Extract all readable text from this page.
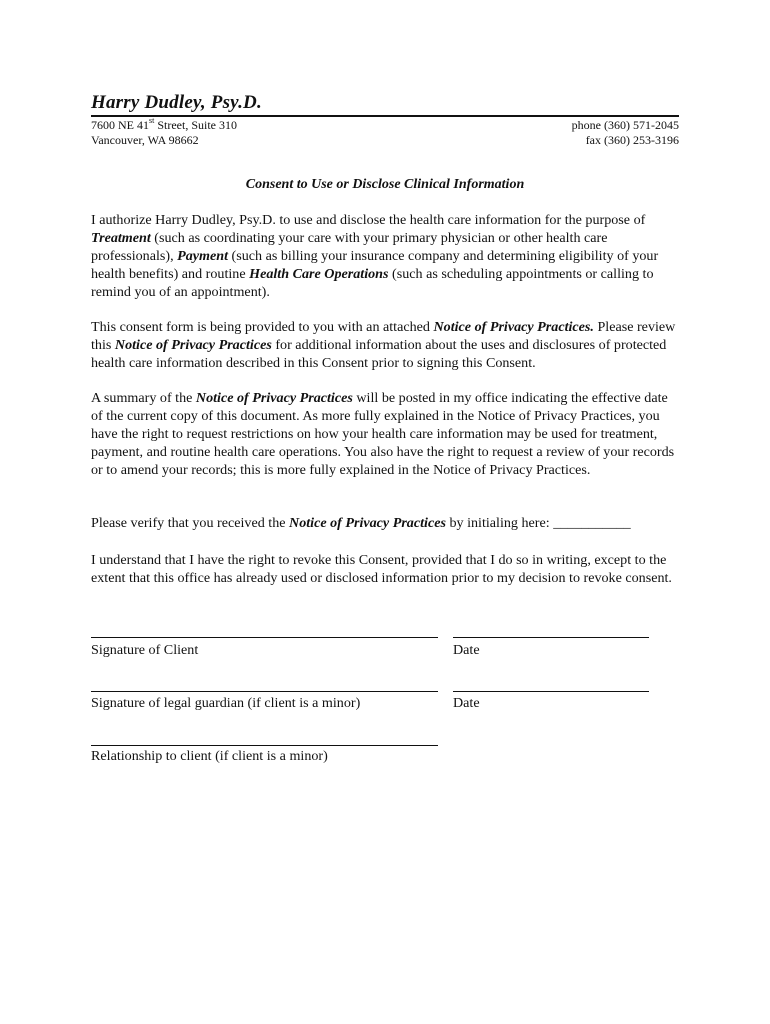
Harry Dudley, Psy.D.
7600 NE 41st Street, Suite 310
Vancouver, WA 98662
phone (360) 571-2045
fax (360) 253-3196
Consent to Use or Disclose Clinical Information
I authorize Harry Dudley, Psy.D. to use and disclose the health care information for the purpose of Treatment (such as coordinating your care with your primary physician or other health care professionals), Payment (such as billing your insurance company and determining eligibility of your health benefits) and routine Health Care Operations (such as scheduling appointments or calling to remind you of an appointment).
This consent form is being provided to you with an attached Notice of Privacy Practices. Please review this Notice of Privacy Practices for additional information about the uses and disclosures of protected health care information described in this Consent prior to signing this Consent.
A summary of the Notice of Privacy Practices will be posted in my office indicating the effective date of the current copy of this document. As more fully explained in the Notice of Privacy Practices, you have the right to request restrictions on how your health care information may be used for treatment, payment, and routine health care operations. You also have the right to request a review of your records or to amend your records; this is more fully explained in the Notice of Privacy Practices.
Please verify that you received the Notice of Privacy Practices by initialing here: ___________
I understand that I have the right to revoke this Consent, provided that I do so in writing, except to the extent that this office has already used or disclosed information prior to my decision to revoke consent.
Signature of Client	Date
Signature of legal guardian (if client is a minor)	Date
Relationship to client (if client is a minor)
